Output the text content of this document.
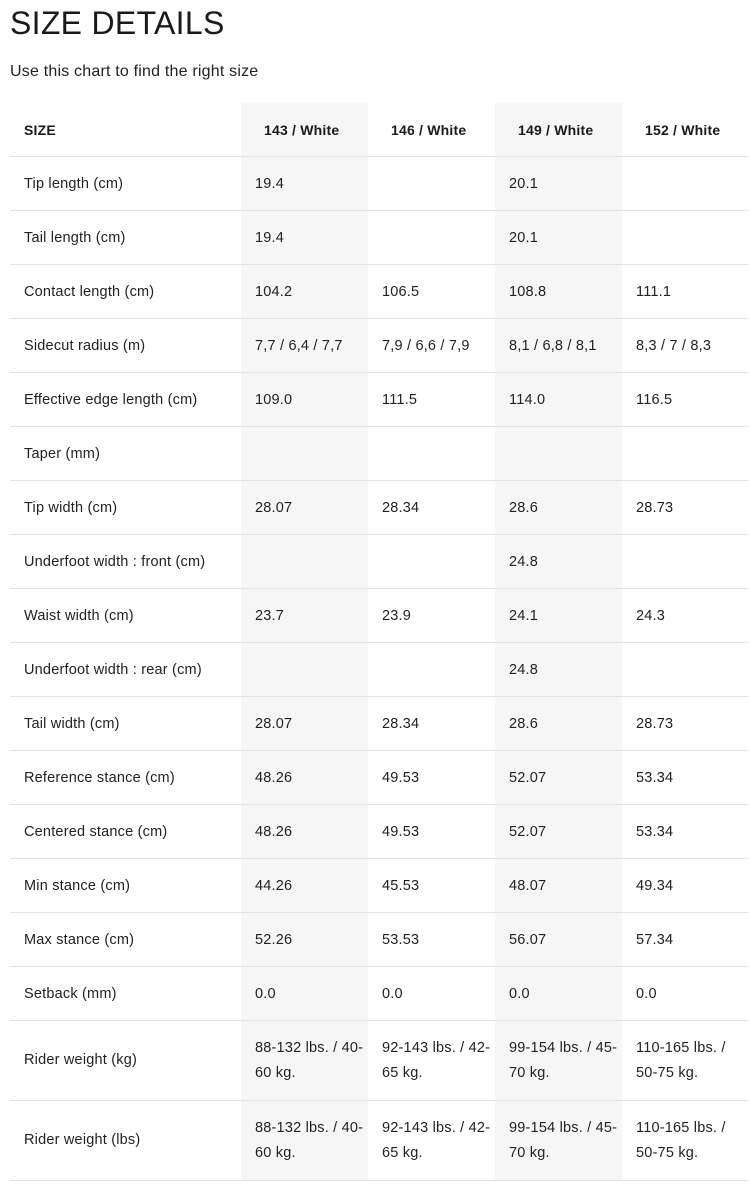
SIZE DETAILS

Use this chart to find the right size

SIZE	143 / White	146 / White	149 / White	152 / White
Tip length (cm)	19.4		20.1	
Tail length (cm)	19.4		20.1	
Contact length (cm)	104.2	106.5	108.8	111.1
Sidecut radius (m)	7,7 / 6,4 / 7,7	7,9 / 6,6 / 7,9	8,1 / 6,8 / 8,1	8,3 / 7 / 8,3
Effective edge length (cm)	109.0	111.5	114.0	116.5
Taper (mm)				
Tip width (cm)	28.07	28.34	28.6	28.73
Underfoot width : front (cm)			24.8	
Waist width (cm)	23.7	23.9	24.1	24.3
Underfoot width : rear (cm)			24.8	
Tail width (cm)	28.07	28.34	28.6	28.73
Reference stance (cm)	48.26	49.53	52.07	53.34
Centered stance (cm)	48.26	49.53	52.07	53.34
Min stance (cm)	44.26	45.53	48.07	49.34
Max stance (cm)	52.26	53.53	56.07	57.34
Setback (mm)	0.0	0.0	0.0	0.0
Rider weight (kg)	88-132 lbs. / 40-60 kg.	92-143 lbs. / 42-65 kg.	99-154 lbs. / 45-70 kg.	110-165 lbs. / 50-75 kg.
Rider weight (lbs)	88-132 lbs. / 40-60 kg.	92-143 lbs. / 42-65 kg.	99-154 lbs. / 45-70 kg.	110-165 lbs. / 50-75 kg.
